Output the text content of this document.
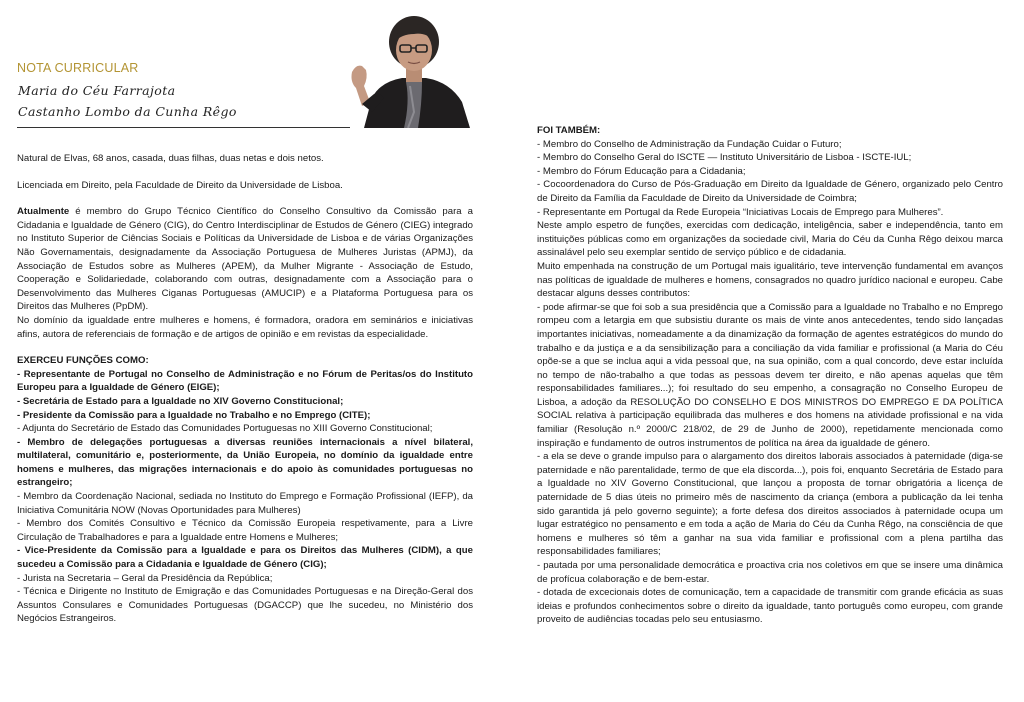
NOTA CURRICULAR
Maria do Céu Farrajota
Castanho Lombo da Cunha Rêgo

Natural de Elvas, 68 anos, casada, duas filhas, duas netas e dois netos.

Licenciada em Direito, pela Faculdade de Direito da Universidade de Lisboa.

Atualmente é membro do Grupo Técnico Científico do Conselho Consultivo da Comissão para a Cidadania e Igualdade de Género (CIG), do Centro Interdisciplinar de Estudos de Género (CIEG) integrado no Instituto Superior de Ciências Sociais e Políticas da Universidade de Lisboa e de várias Organizações Não Governamentais, designadamente da Associação Portuguesa de Mulheres Juristas (APMJ), da Associação de Estudos sobre as Mulheres (APEM), da Mulher Migrante - Associação de Estudo, Cooperação e Solidariedade, colaborando com outras, designadamente com a Associação para o Desenvolvimento das Mulheres Ciganas Portuguesas (AMUCIP) e a Plataforma Portuguesa para os Direitos das Mulheres (PpDM).

No domínio da igualdade entre mulheres e homens, é formadora, oradora em seminários e iniciativas afins, autora de referenciais de formação e de artigos de opinião e em revistas da especialidade.

EXERCEU FUNÇÕES COMO:

- Representante de Portugal no Conselho de Administração e no Fórum de Peritas/os do Instituto Europeu para a Igualdade de Género (EIGE);

- Secretária de Estado para a Igualdade no XIV Governo Constitucional;

- Presidente da Comissão para a Igualdade no Trabalho e no Emprego (CITE);

- Adjunta do Secretário de Estado das Comunidades Portuguesas no XIII Governo Constitucional;

- Membro de delegações portuguesas a diversas reuniões internacionais a nível bilateral, multilateral, comunitário e, posteriormente, da União Europeia, no domínio da igualdade entre homens e mulheres, das migrações internacionais e do apoio às comunidades portuguesas no estrangeiro;

- Membro da Coordenação Nacional, sediada no Instituto do Emprego e Formação Profissional (IEFP), da Iniciativa Comunitária NOW (Novas Oportunidades para Mulheres)

- Membro dos Comités Consultivo e Técnico da Comissão Europeia respetivamente, para a Livre Circulação de Trabalhadores e para a Igualdade entre Homens e Mulheres;

- Vice-Presidente da Comissão para a Igualdade e para os Direitos das Mulheres (CIDM), a que sucedeu a Comissão para a Cidadania e Igualdade de Género (CIG);

- Jurista na Secretaria – Geral da Presidência da República;

- Técnica e Dirigente no Instituto de Emigração e das Comunidades Portuguesas e na Direção-Geral dos Assuntos Consulares e Comunidades Portuguesas (DGACCP) que lhe sucedeu, no Ministério dos Negócios Estrangeiros.

FOI TAMBÉM:

- Membro do Conselho de Administração da Fundação Cuidar o Futuro;

- Membro do Conselho Geral do ISCTE — Instituto Universitário de Lisboa - ISCTE-IUL;

- Membro do Fórum Educação para a Cidadania;

- Cocoordenadora do Curso de Pós-Graduação em Direito da Igualdade de Género, organizado pelo Centro de Direito da Família da Faculdade de Direito da Universidade de Coimbra;

- Representante em Portugal da Rede Europeia “Iniciativas Locais de Emprego para Mulheres”.

Neste amplo espetro de funções, exercidas com dedicação, inteligência, saber e independência, tanto em instituições públicas como em organizações da sociedade civil, Maria do Céu da Cunha Rêgo deixou marca assinalável pelo seu exemplar sentido de serviço público e de cidadania.

Muito empenhada na construção de um Portugal mais igualitário, teve intervenção fundamental em avanços nas políticas de igualdade de mulheres e homens, consagrados no quadro jurídico nacional e europeu. Cabe destacar alguns desses contributos:

- pode afirmar-se que foi sob a sua presidência que a Comissão para a Igualdade no Trabalho e no Emprego rompeu com a letargia em que subsistiu durante os mais de vinte anos antecedentes, tendo sido lançadas importantes iniciativas, nomeadamente a da dinamização da formação de agentes estratégicos do mundo do trabalho e da justiça e a da sensibilização para a conciliação da vida familiar e profissional (a Maria do Céu opõe-se a que se inclua aqui a vida pessoal que, na sua opinião, com a qual concordo, deve estar incluída no tempo de não-trabalho a que todas as pessoas devem ter direito, e não apenas aquelas que têm responsabilidades familiares...); foi resultado do seu empenho, a consagração no Conselho Europeu de Lisboa, a adoção da RESOLUÇÃO DO CONSELHO E DOS MINISTROS DO EMPREGO E DA POLÍTICA SOCIAL relativa à participação equilibrada das mulheres e dos homens na atividade profissional e na vida familiar (Resolução n.º 2000/C 218/02, de 29 de Junho de 2000), repetidamente mencionada como inspiração e fundamento de outros instrumentos de política na área da igualdade de género.

- a ela se deve o grande impulso para o alargamento dos direitos laborais associados à paternidade (diga-se paternidade e não parentalidade, termo de que ela discorda...), pois foi, enquanto Secretária de Estado para a Igualdade no XIV Governo Constitucional, que lançou a proposta de tornar obrigatória a licença de paternidade de 5 dias úteis no primeiro mês de nascimento da criança (embora a publicação da lei tenha sido garantida já pelo governo seguinte); a forte defesa dos direitos associados à paternidade ocupa um lugar estratégico no pensamento e em toda a ação de Maria do Céu da Cunha Rêgo, na consciência de que homens e mulheres só têm a ganhar na sua vida familiar e profissional com a plena partilha das responsabilidades familiares;

- pautada por uma personalidade democrática e proactiva cria nos coletivos em que se insere uma dinâmica de profícua colaboração e de bem-estar.

- dotada de excecionais dotes de comunicação, tem a capacidade de transmitir com grande eficácia as suas ideias e profundos conhecimentos sobre o direito da igualdade, tanto português como europeu, com grande proveito de audiências tocadas pelo seu entusiasmo.
